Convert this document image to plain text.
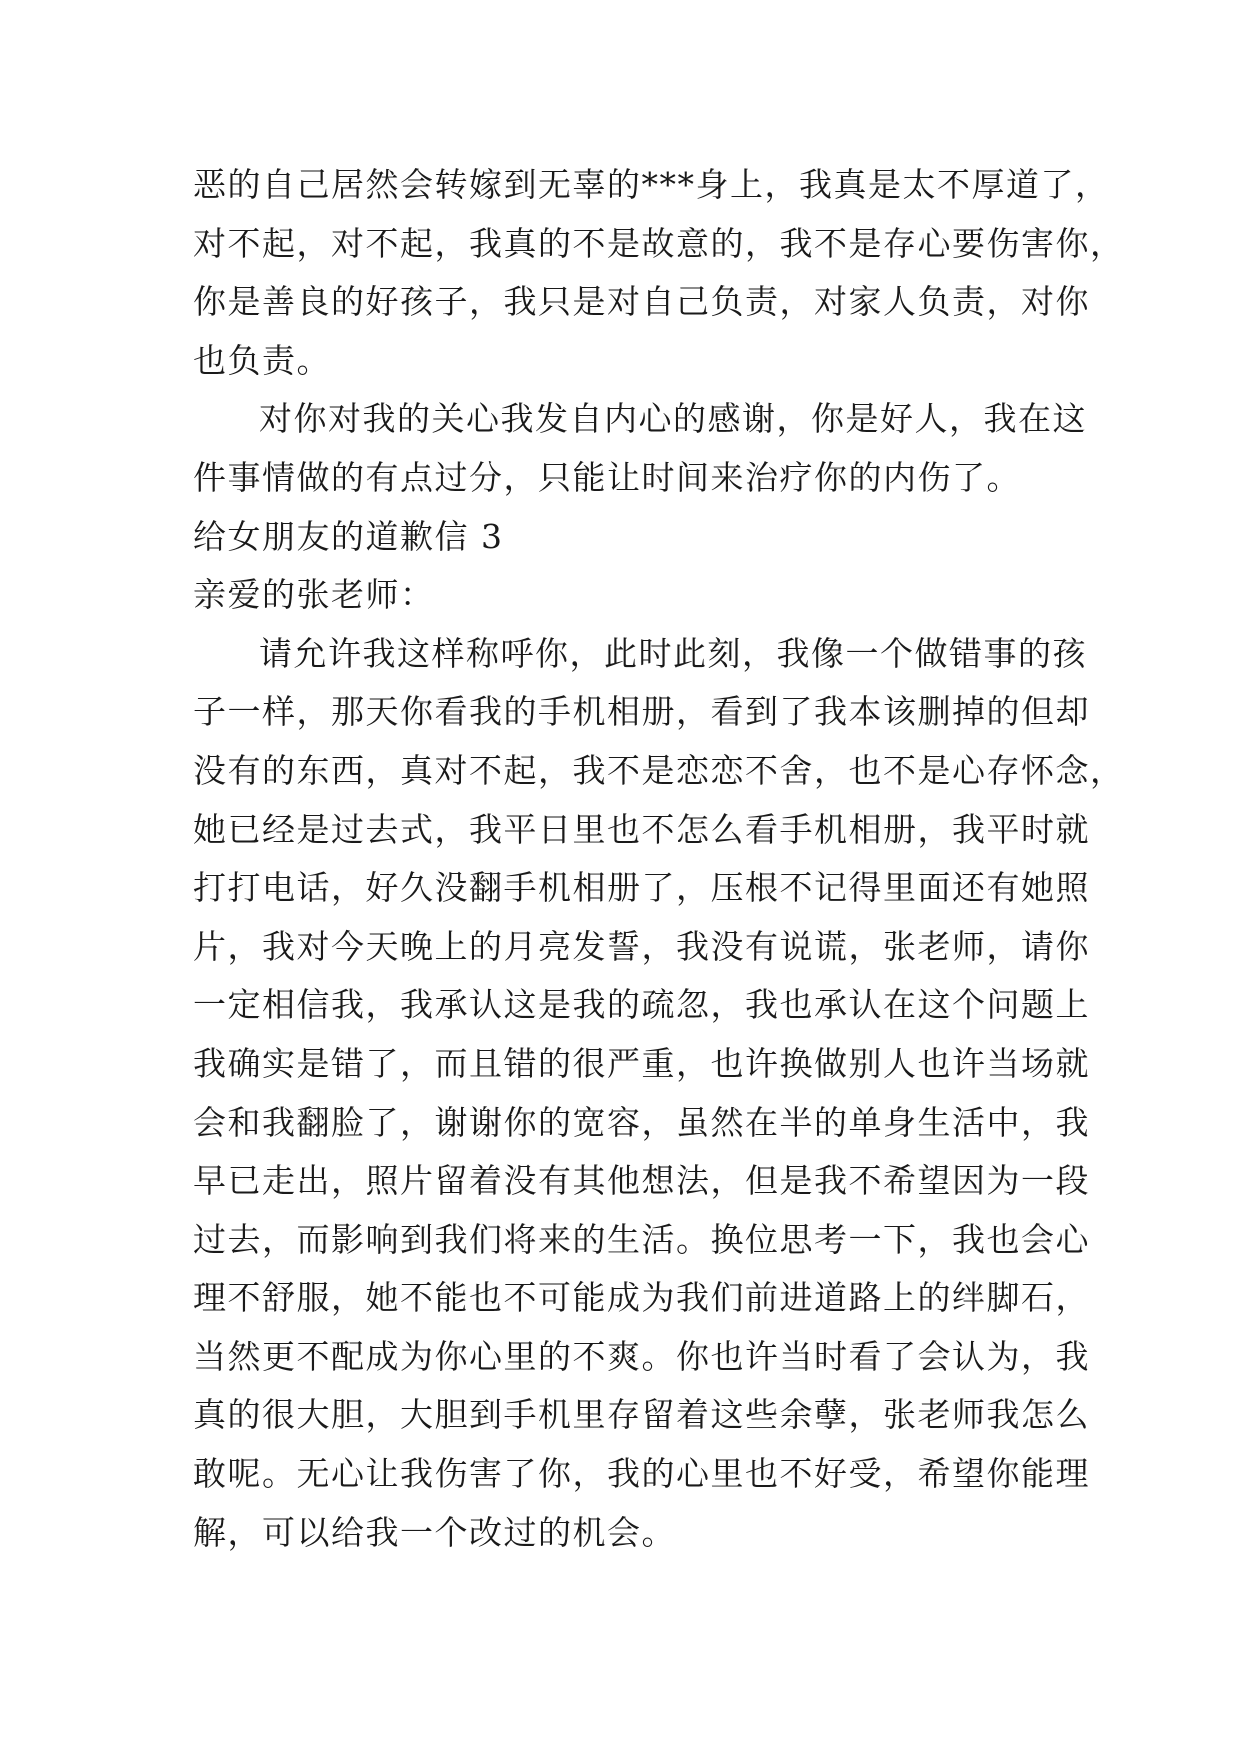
恶的自己居然会转嫁到无辜的***身上，我真是太不厚道了，
对不起，对不起，我真的不是故意的，我不是存心要伤害你，
你是善良的好孩子，我只是对自己负责，对家人负责，对你
也负责。
对你对我的关心我发自内心的感谢，你是好人，我在这
件事情做的有点过分，只能让时间来治疗你的内伤了。
给女朋友的道歉信 3
亲爱的张老师：
请允许我这样称呼你，此时此刻，我像一个做错事的孩
子一样，那天你看我的手机相册，看到了我本该删掉的但却
没有的东西，真对不起，我不是恋恋不舍，也不是心存怀念，
她已经是过去式，我平日里也不怎么看手机相册，我平时就
打打电话，好久没翻手机相册了，压根不记得里面还有她照
片，我对今天晚上的月亮发誓，我没有说谎，张老师，请你
一定相信我，我承认这是我的疏忽，我也承认在这个问题上
我确实是错了，而且错的很严重，也许换做别人也许当场就
会和我翻脸了，谢谢你的宽容，虽然在半的单身生活中，我
早已走出，照片留着没有其他想法，但是我不希望因为一段
过去，而影响到我们将来的生活。换位思考一下，我也会心
理不舒服，她不能也不可能成为我们前进道路上的绊脚石，
当然更不配成为你心里的不爽。你也许当时看了会认为，我
真的很大胆，大胆到手机里存留着这些余孽，张老师我怎么
敢呢。无心让我伤害了你，我的心里也不好受，希望你能理
解，可以给我一个改过的机会。
